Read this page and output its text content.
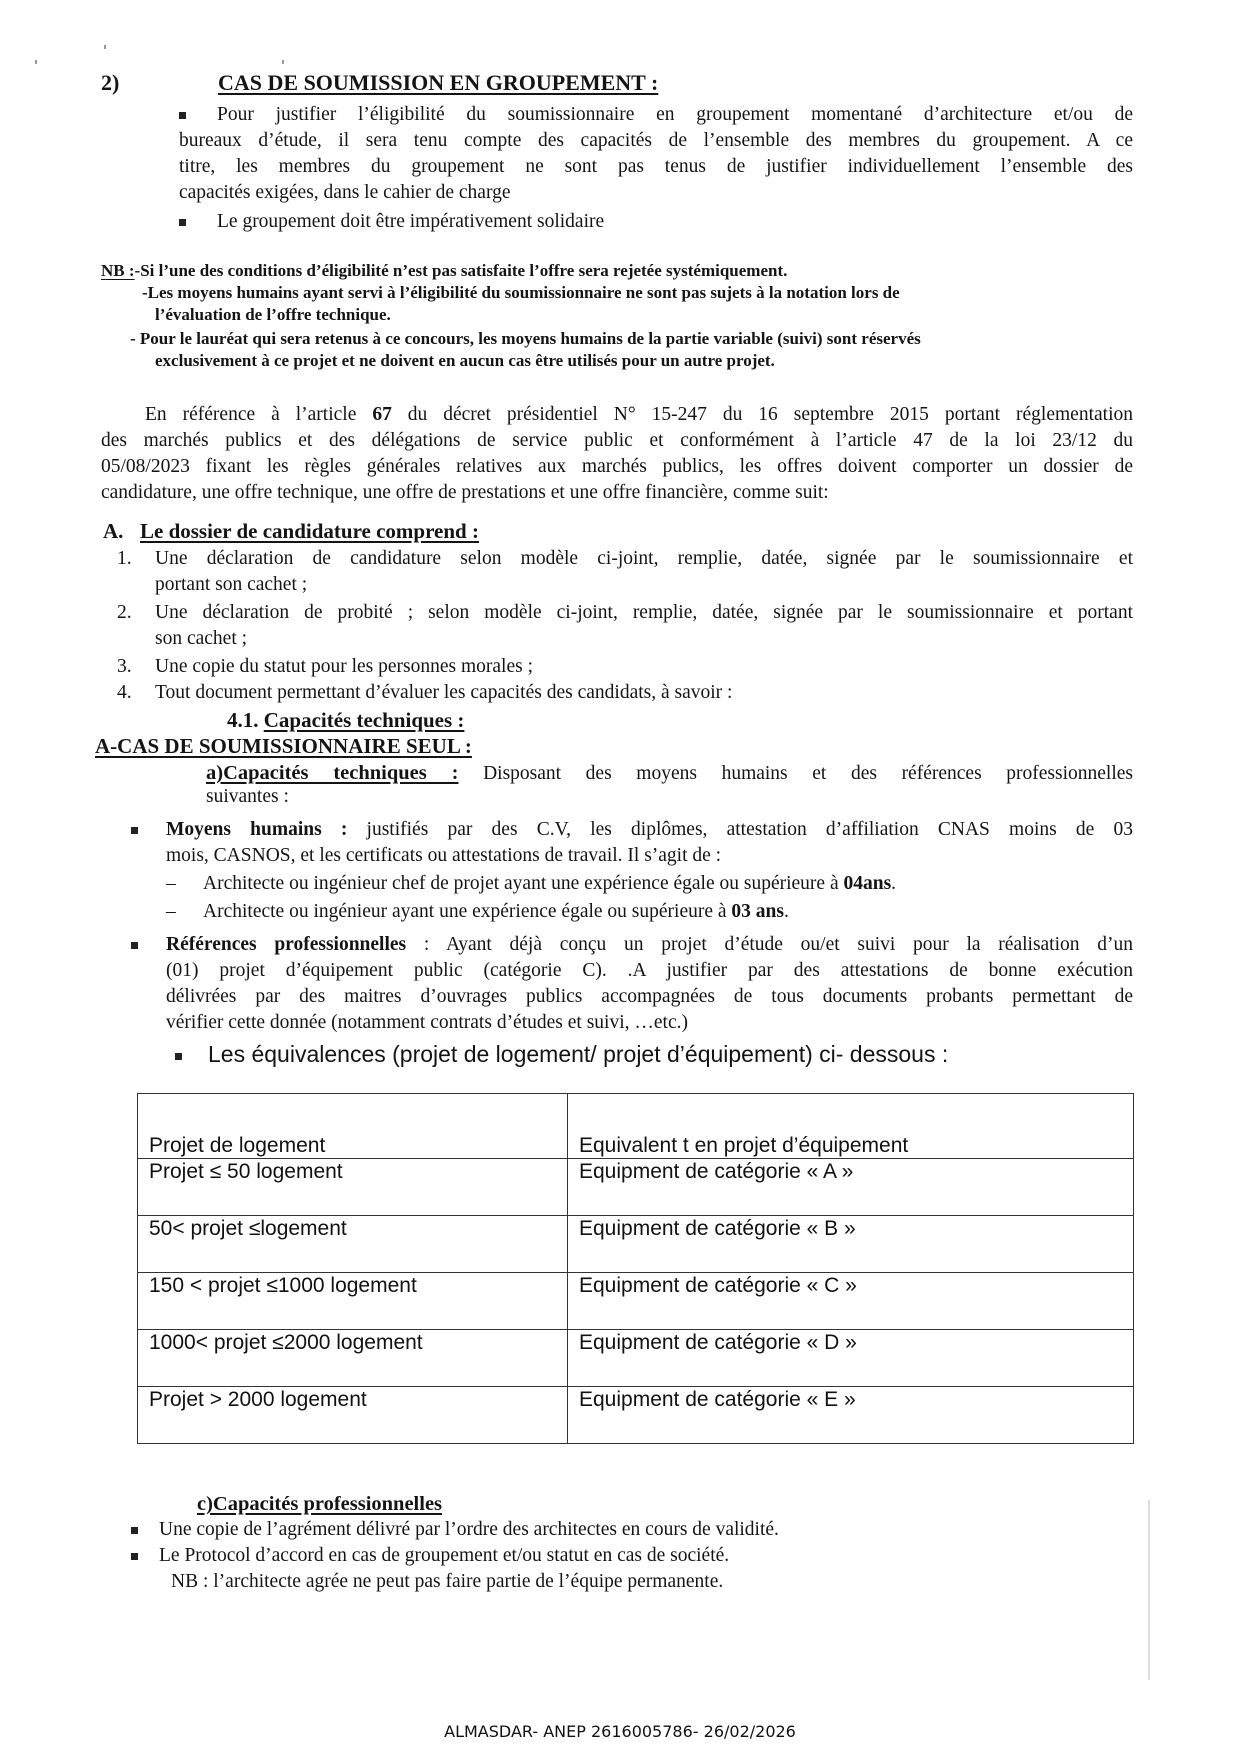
2)	CAS DE SOUMISSION EN GROUPEMENT :
Pour justifier l’éligibilité du soumissionnaire en groupement momentané d’architecture et/ou de
bureaux d’étude, il sera tenu compte des capacités de l’ensemble des membres du groupement. A ce
titre, les membres du groupement ne sont pas tenus de justifier individuellement l’ensemble des
capacités exigées, dans le cahier de charge
Le groupement doit être impérativement solidaire
NB :-Si l’une des conditions d’éligibilité n’est pas satisfaite l’offre sera rejetée systémiquement.
-Les moyens humains ayant servi à l’éligibilité du soumissionnaire ne sont pas sujets à la notation lors de
l’évaluation de l’offre technique.
- Pour le lauréat qui sera retenus à ce concours, les moyens humains de la partie variable (suivi) sont réservés
exclusivement à ce projet et ne doivent en aucun cas être utilisés pour un autre projet.
En référence à l’article 67 du décret présidentiel N° 15-247 du 16 septembre 2015 portant réglementation
des marchés publics et des délégations de service public et conformément à l’article 47 de la loi 23/12 du
05/08/2023 fixant les règles générales relatives aux marchés publics, les offres doivent comporter un dossier de
candidature, une offre technique, une offre de prestations et une offre financière, comme suit:
A. Le dossier de candidature comprend :
1. Une déclaration de candidature selon modèle ci-joint, remplie, datée, signée par le soumissionnaire et
portant son cachet ;
2. Une déclaration de probité ; selon modèle ci-joint, remplie, datée, signée par le soumissionnaire et portant
son cachet ;
3. Une copie du statut pour les personnes morales ;
4. Tout document permettant d’évaluer les capacités des candidats, à savoir :
4.1. Capacités techniques :
A-CAS DE SOUMISSIONNAIRE SEUL :
a)Capacités techniques : Disposant des moyens humains et des références professionnelles
suivantes :
Moyens humains : justifiés par des C.V, les diplômes, attestation d’affiliation CNAS moins de 03
mois, CASNOS, et les certificats ou attestations de travail. Il s’agit de :
– Architecte ou ingénieur chef de projet ayant une expérience égale ou supérieure à 04ans.
– Architecte ou ingénieur ayant une expérience égale ou supérieure à 03 ans.
Références professionnelles : Ayant déjà conçu un projet d’étude ou/et suivi pour la réalisation d’un
(01) projet d’équipement public (catégorie C). .A justifier par des attestations de bonne exécution
délivrées par des maitres d’ouvrages publics accompagnées de tous documents probants permettant de
vérifier cette donnée (notamment contrats d’études et suivi, …etc.)
Les équivalences (projet de logement/ projet d’équipement) ci- dessous :
Projet de logement	Equivalent t en projet d’équipement
Projet ≤ 50 logement	Equipment de catégorie « A »
50< projet ≤logement	Equipment de catégorie « B »
150 < projet ≤1000 logement	Equipment de catégorie « C »
1000< projet ≤2000 logement	Equipment de catégorie « D »
Projet > 2000 logement	Equipment de catégorie « E »
c)Capacités professionnelles
Une copie de l’agrément délivré par l’ordre des architectes en cours de validité.
Le Protocol d’accord en cas de groupement et/ou statut en cas de société.
NB : l’architecte agrée ne peut pas faire partie de l’équipe permanente.
ALMASDAR- ANEP 2616005786- 26/02/2026
